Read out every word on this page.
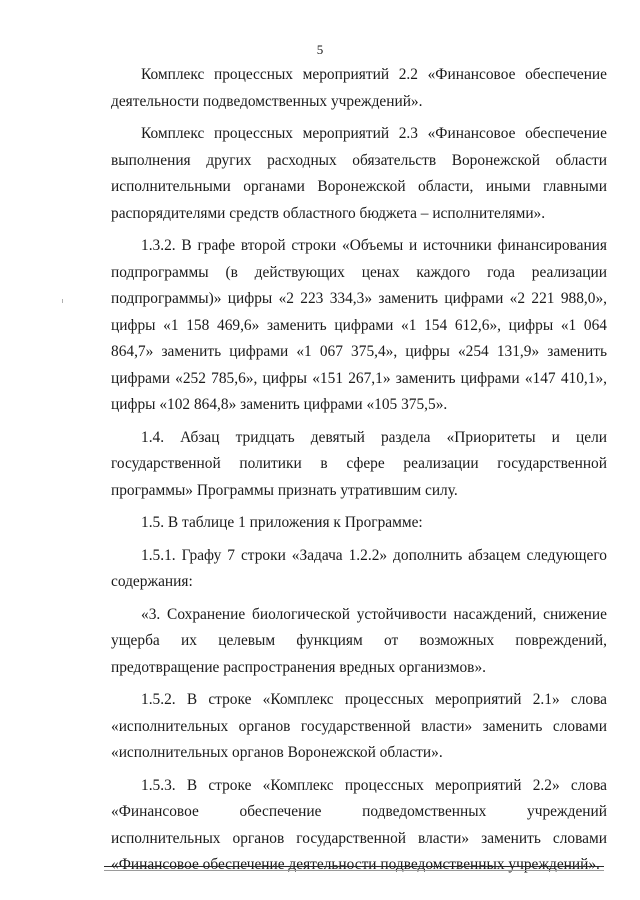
5

Комплекс процессных мероприятий 2.2 «Финансовое обеспечение деятельности подведомственных учреждений».

Комплекс процессных мероприятий 2.3 «Финансовое обеспечение выполнения других расходных обязательств Воронежской области исполнительными органами Воронежской области, иными главными распорядителями средств областного бюджета – исполнителями».

1.3.2. В графе второй строки «Объемы и источники финансирования подпрограммы (в действующих ценах каждого года реализации подпрограммы)» цифры «2 223 334,3» заменить цифрами «2 221 988,0», цифры «1 158 469,6» заменить цифрами «1 154 612,6», цифры «1 064 864,7» заменить цифрами «1 067 375,4», цифры «254 131,9» заменить цифрами «252 785,6», цифры «151 267,1» заменить цифрами «147 410,1», цифры «102 864,8» заменить цифрами «105 375,5».

1.4. Абзац тридцать девятый раздела «Приоритеты и цели государственной политики в сфере реализации государственной программы» Программы признать утратившим силу.

1.5. В таблице 1 приложения к Программе:

1.5.1. Графу 7 строки «Задача 1.2.2» дополнить абзацем следующего содержания:

«3. Сохранение биологической устойчивости насаждений, снижение ущерба их целевым функциям от возможных повреждений, предотвращение распространения вредных организмов».

1.5.2. В строке «Комплекс процессных мероприятий 2.1» слова «исполнительных органов государственной власти» заменить словами «исполнительных органов Воронежской области».

1.5.3. В строке «Комплекс процессных мероприятий 2.2» слова «Финансовое обеспечение подведомственных учреждений исполнительных органов государственной власти» заменить словами «Финансовое обеспечение деятельности подведомственных учреждений».
